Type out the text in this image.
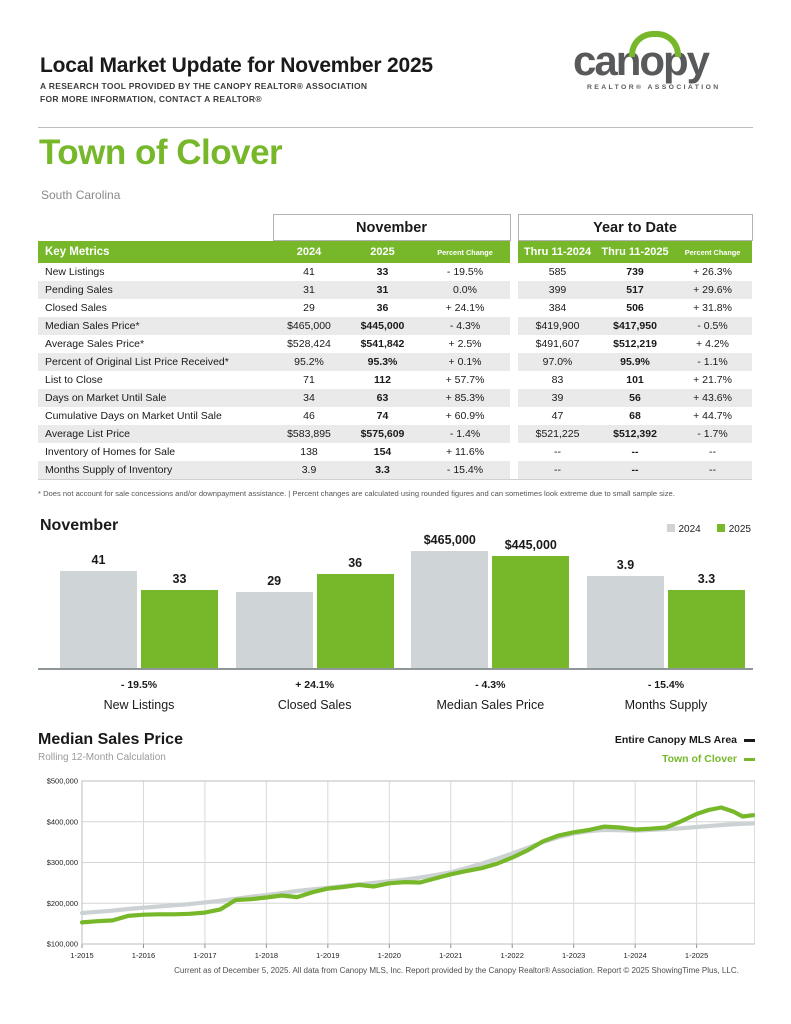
Local Market Update for November 2025
A RESEARCH TOOL PROVIDED BY THE CANOPY REALTOR® ASSOCIATION
FOR MORE INFORMATION, CONTACT A REALTOR®
canopy
REALTOR® ASSOCIATION
Town of Clover
South Carolina
	November				Year to Date		
Key Metrics	2024	2025	Percent Change		Thru 11-2024	Thru 11-2025	Percent Change
New Listings	41	33	- 19.5%		585	739	+ 26.3%
Pending Sales	31	31	0.0%		399	517	+ 29.6%
Closed Sales	29	36	+ 24.1%		384	506	+ 31.8%
Median Sales Price*	$465,000	$445,000	- 4.3%		$419,900	$417,950	- 0.5%
Average Sales Price*	$528,424	$541,842	+ 2.5%		$491,607	$512,219	+ 4.2%
Percent of Original List Price Received*	95.2%	95.3%	+ 0.1%		97.0%	95.9%	- 1.1%
List to Close	71	112	+ 57.7%		83	101	+ 21.7%
Days on Market Until Sale	34	63	+ 85.3%		39	56	+ 43.6%
Cumulative Days on Market Until Sale	46	74	+ 60.9%		47	68	+ 44.7%
Average List Price	$583,895	$575,609	- 1.4%		$521,225	$512,392	- 1.7%
Inventory of Homes for Sale	138	154	+ 11.6%		--	--	--
Months Supply of Inventory	3.9	3.3	- 15.4%		--	--	--
* Does not account for sale concessions and/or downpayment assistance. | Percent changes are calculated using rounded figures and can sometimes look extreme due to small sample size.
November	2024	2025
41
33	29
36
$465,000 $445,000
3.9
3.3
- 19.5%
New Listings
+ 24.1%
Closed Sales
- 4.3%
Median Sales Price
- 15.4%
Months Supply
Median Sales Price
Rolling 12-Month Calculation
Entire Canopy MLS Area
Town of Clover
$500,000
$400,000
$300,000
$200,000
$100,000
1-2015	1-2016	1-2017	1-2018	1-2019	1-2020	1-2021	1-2022	1-2023	1-2024	1-2025
Current as of December 5, 2025. All data from Canopy MLS, Inc. Report provided by the Canopy Realtor® Association. Report © 2025 ShowingTime Plus, LLC.
